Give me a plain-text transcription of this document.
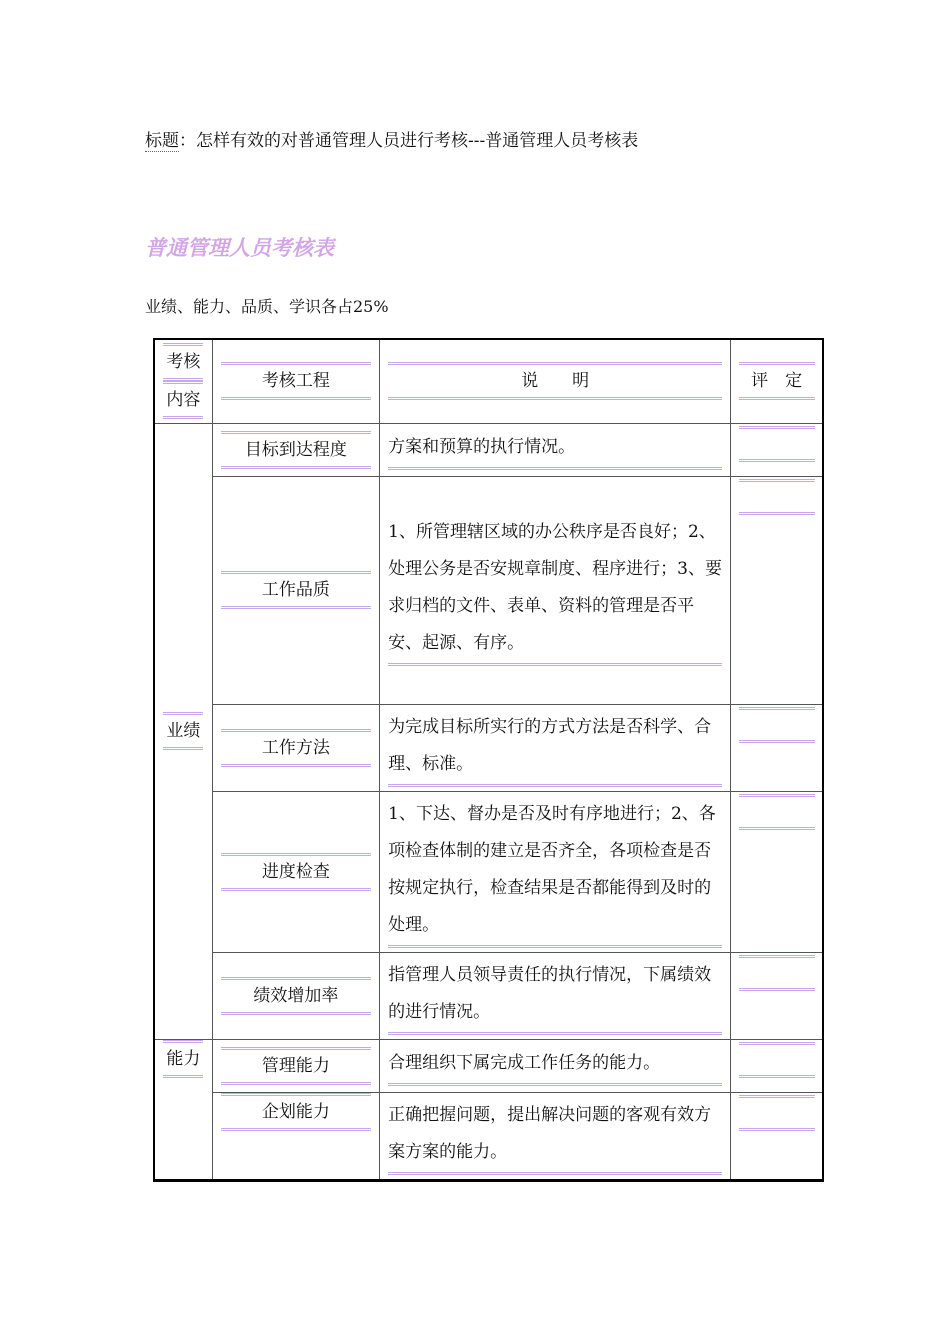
标题：怎样有效的对普通管理人员进行考核---普通管理人员考核表
普通管理人员考核表
业绩、能力、品质、学识各占25%
考核
内容	考核工程	说　　明	评　定
业绩	目标到达程度	方案和预算的执行情况。	

	工作品质	1、所管理辖区域的办公秩序是否良好；2、处理公务是否安规章制度、程序进行；3、要求归档的文件、表单、资料的管理是否平安、起源、有序。	

	工作方法	为完成目标所实行的方式方法是否科学、合理、标准。	

	进度检查	1、下达、督办是否及时有序地进行；2、各项检查体制的建立是否齐全，各项检查是否按规定执行，检查结果是否都能得到及时的处理。	

	绩效增加率	指管理人员领导责任的执行情况，下属绩效的进行情况。	

能力	管理能力	合理组织下属完成工作任务的能力。	

	企划能力	正确把握问题，提出解决问题的客观有效方案方案的能力。	
